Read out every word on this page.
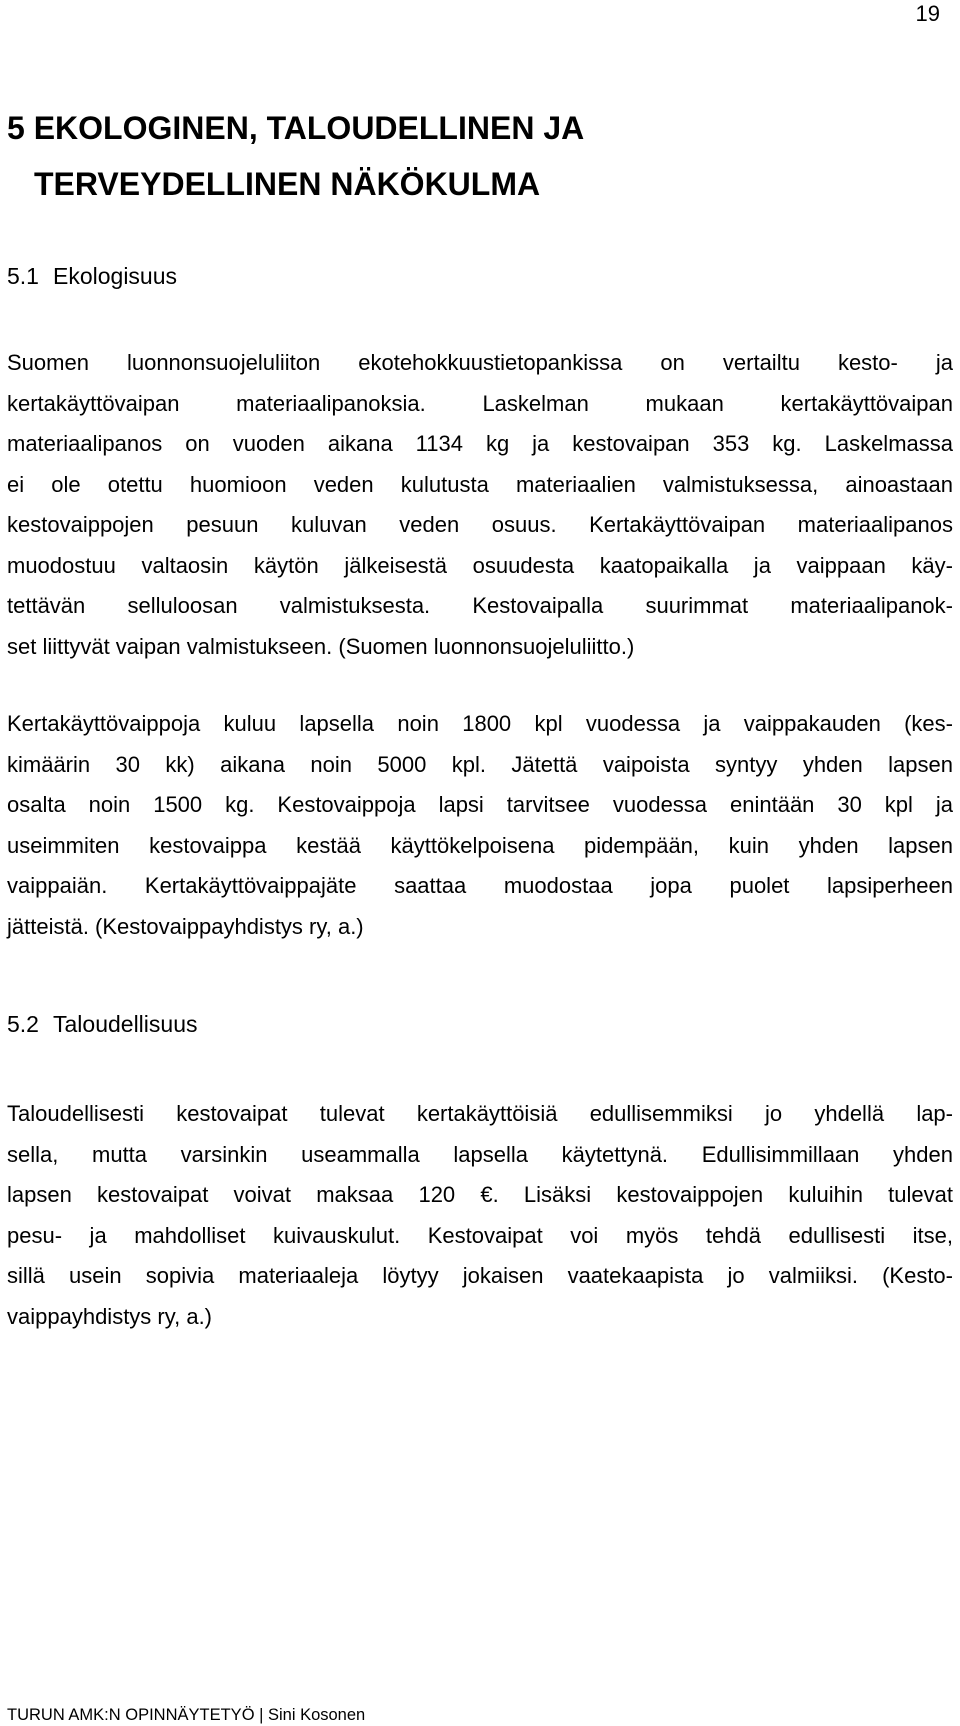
19
5 EKOLOGINEN, TALOUDELLINEN JA
TERVEYDELLINEN NÄKÖKULMA
5.1 Ekologisuus
Suomen luonnonsuojeluliiton ekotehokkuustietopankissa on vertailtu kesto- ja
kertakäyttövaipan materiaalipanoksia. Laskelman mukaan kertakäyttövaipan
materiaalipanos on vuoden aikana 1134 kg ja kestovaipan 353 kg. Laskelmassa
ei ole otettu huomioon veden kulutusta materiaalien valmistuksessa, ainoastaan
kestovaippojen pesuun kuluvan veden osuus. Kertakäyttövaipan materiaalipanos
muodostuu valtaosin käytön jälkeisestä osuudesta kaatopaikalla ja vaippaan käy-
tettävän selluloosan valmistuksesta. Kestovaipalla suurimmat materiaalipanok-
set liittyvät vaipan valmistukseen. (Suomen luonnonsuojeluliitto.)
Kertakäyttövaippoja kuluu lapsella noin 1800 kpl vuodessa ja vaippakauden (kes-
kimäärin 30 kk) aikana noin 5000 kpl. Jätettä vaipoista syntyy yhden lapsen
osalta noin 1500 kg. Kestovaippoja lapsi tarvitsee vuodessa enintään 30 kpl ja
useimmiten kestovaippa kestää käyttökelpoisena pidempään, kuin yhden lapsen
vaippaiän. Kertakäyttövaippajäte saattaa muodostaa jopa puolet lapsiperheen
jätteistä. (Kestovaippayhdistys ry, a.)
5.2 Taloudellisuus
Taloudellisesti kestovaipat tulevat kertakäyttöisiä edullisemmiksi jo yhdellä lap-
sella, mutta varsinkin useammalla lapsella käytettynä. Edullisimmillaan yhden
lapsen kestovaipat voivat maksaa 120 €. Lisäksi kestovaippojen kuluihin tulevat
pesu- ja mahdolliset kuivauskulut. Kestovaipat voi myös tehdä edullisesti itse,
sillä usein sopivia materiaaleja löytyy jokaisen vaatekaapista jo valmiiksi. (Kesto-
vaippayhdistys ry, a.)
TURUN AMK:N OPINNÄYTETYÖ | Sini Kosonen
